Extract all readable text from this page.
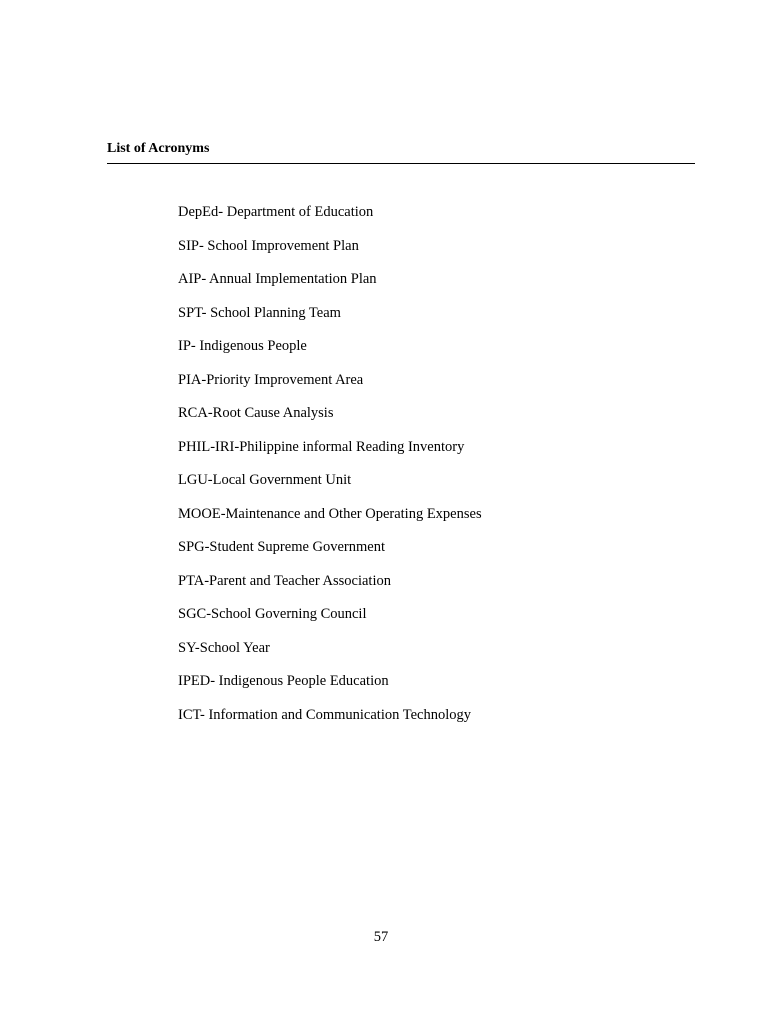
List of Acronyms

DepEd- Department of Education
SIP- School Improvement Plan
AIP- Annual Implementation Plan
SPT- School Planning Team
IP- Indigenous People
PIA-Priority Improvement Area
RCA-Root Cause Analysis
PHIL-IRI-Philippine informal Reading Inventory
LGU-Local Government Unit
MOOE-Maintenance and Other Operating Expenses
SPG-Student Supreme Government
PTA-Parent and Teacher Association
SGC-School Governing Council
SY-School Year
IPED- Indigenous People Education
ICT- Information and Communication Technology
57
